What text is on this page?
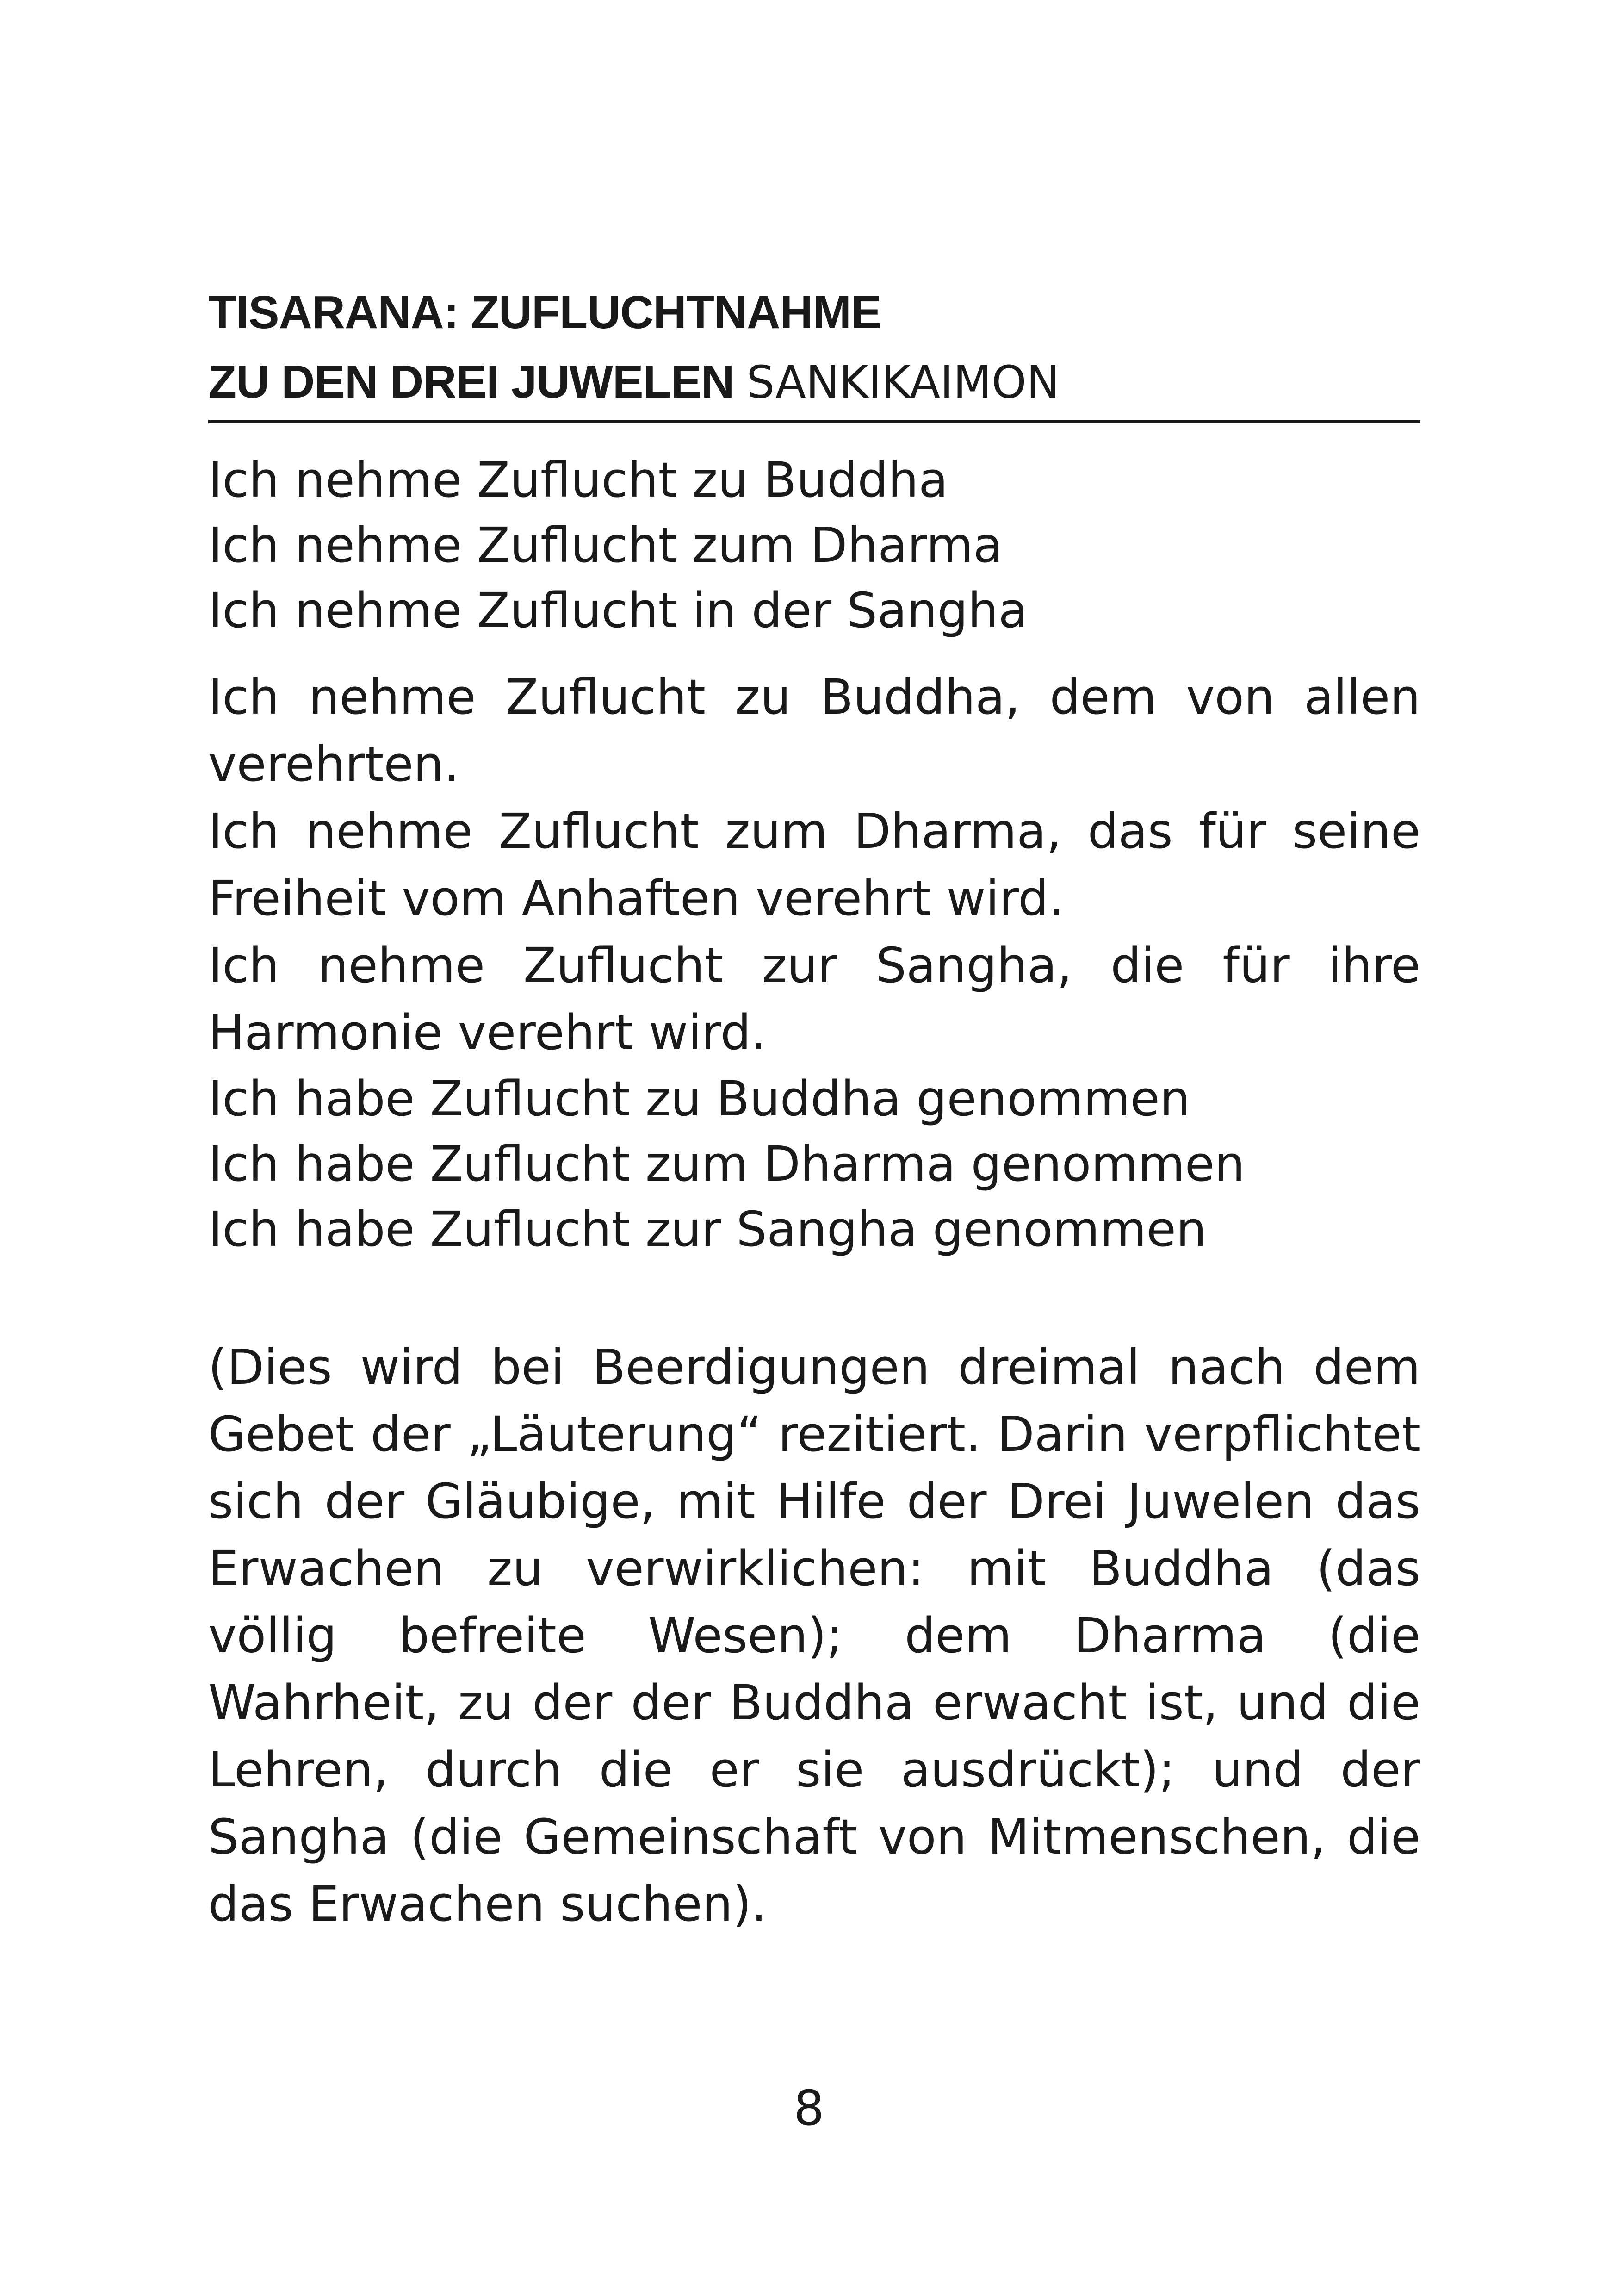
TISARANA: ZUFLUCHTNAHME
ZU DEN DREI JUWELEN SANKIKAIMON
Ich nehme Zuflucht zu Buddha
Ich nehme Zuflucht zum Dharma
Ich nehme Zuflucht in der Sangha
Ich nehme Zuflucht zu Buddha, dem von allen verehrten.
Ich nehme Zuflucht zum Dharma, das für seine Freiheit vom Anhaften verehrt wird.
Ich nehme Zuflucht zur Sangha, die für ihre Harmonie verehrt wird.
Ich habe Zuflucht zu Buddha genommen
Ich habe Zuflucht zum Dharma genommen
Ich habe Zuflucht zur Sangha genommen

(Dies wird bei Beerdigungen dreimal nach dem Gebet der „Läuterung“ rezitiert. Darin verpflichtet sich der Gläubige, mit Hilfe der Drei Juwelen das Erwachen zu verwirklichen: mit Buddha (das völlig befreite Wesen); dem Dharma (die Wahrheit, zu der der Buddha erwacht ist, und die Lehren, durch die er sie ausdrückt); und der Sangha (die Gemeinschaft von Mitmenschen, die das Erwachen suchen).

8
